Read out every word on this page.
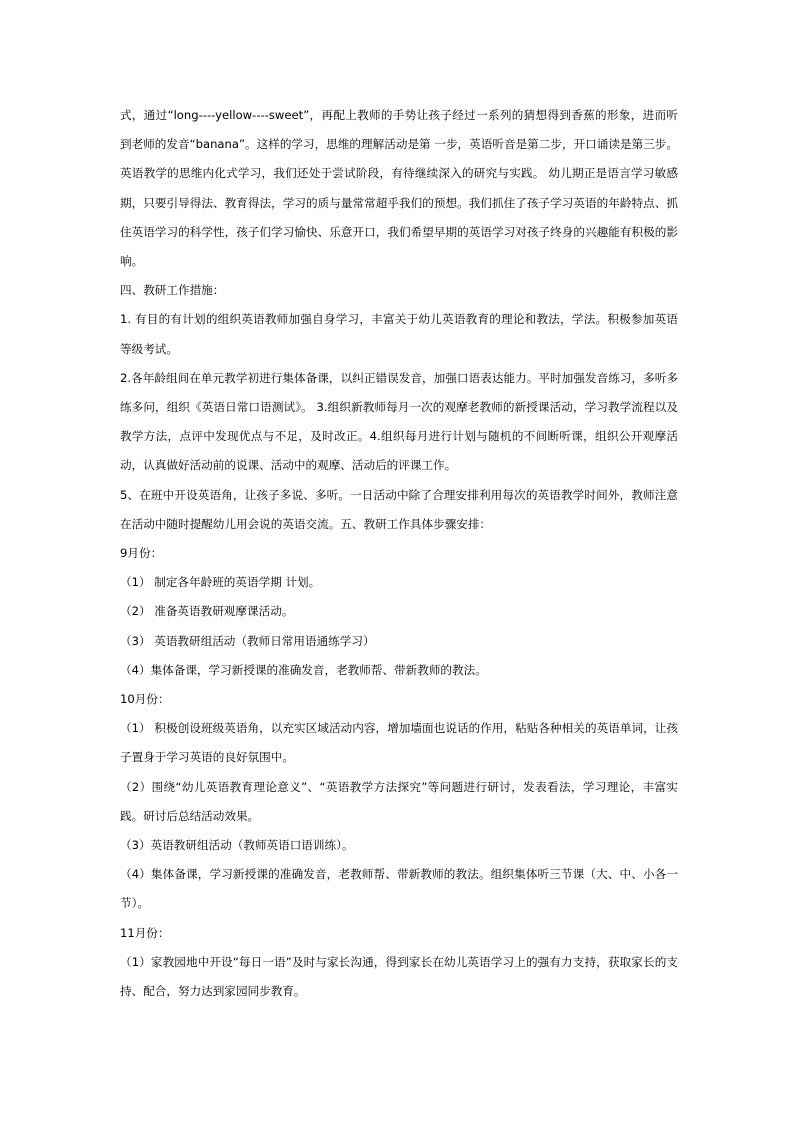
式，通过“long----yellow----sweet”，再配上教师的手势让孩子经过一系列的猜想得到香蕉的形象，进而听到老师的发音“banana”。这样的学习，思维的理解活动是第 一步，英语听音是第二步，开口诵读是第三步。英语教学的思维内化式学习，我们还处于尝试阶段，有待继续深入的研究与实践。 幼儿期正是语言学习敏感期，只要引导得法、教育得法，学习的质与量常常超乎我们的预想。我们抓住了孩子学习英语的年龄特点、抓住英语学习的科学性，孩子们学习愉快、乐意开口，我们希望早期的英语学习对孩子终身的兴趣能有积极的影响。

四、教研工作措施：

1. 有目的有计划的组织英语教师加强自身学习，丰富关于幼儿英语教育的理论和教法，学法。积极参加英语等级考试。

2.各年龄组间在单元教学初进行集体备课，以纠正错误发音，加强口语表达能力。平时加强发音练习，多听多练多问，组织《英语日常口语测试》。 3.组织新教师每月一次的观摩老教师的新授课活动，学习教学流程以及教学方法，点评中发现优点与不足，及时改正。4.组织每月进行计划与随机的不间断听课，组织公开观摩活动，认真做好活动前的说课、活动中的观摩、活动后的评课工作。

5、在班中开设英语角，让孩子多说、多听。一日活动中除了合理安排利用每次的英语教学时间外，教师注意在活动中随时提醒幼儿用会说的英语交流。五、教研工作具体步骤安排：

9月份：

（1） 制定各年龄班的英语学期 计划。

（2） 准备英语教研观摩课活动。

（3） 英语教研组活动（教师日常用语通练学习）

（4）集体备课，学习新授课的准确发音，老教师帮、带新教师的教法。

10月份：

（1） 积极创设班级英语角，以充实区域活动内容，增加墙面也说话的作用，粘贴各种相关的英语单词，让孩子置身于学习英语的良好氛围中。

（2）围绕“幼儿英语教育理论意义”、“英语教学方法探究”等问题进行研讨，发表看法，学习理论，丰富实践。研讨后总结活动效果。

（3）英语教研组活动（教师英语口语训练）。

（4）集体备课，学习新授课的准确发音，老教师帮、带新教师的教法。组织集体听三节课（大、中、小各一节）。

11月份：

（1）家教园地中开设“每日一语”及时与家长沟通，得到家长在幼儿英语学习上的强有力支持，获取家长的支持、配合，努力达到家园同步教育。
